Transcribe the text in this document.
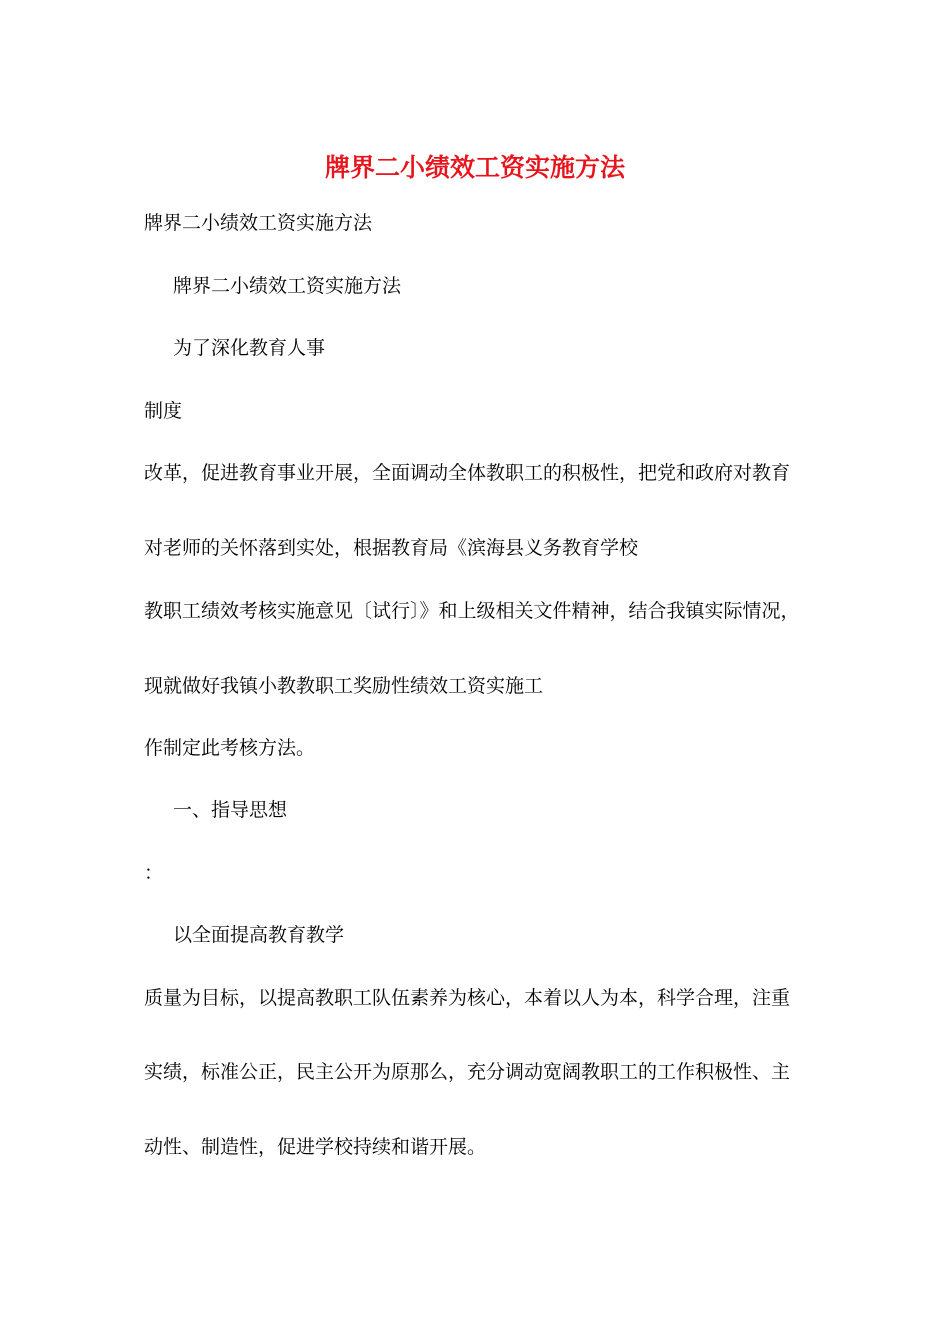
牌界二小绩效工资实施方法
牌界二小绩效工资实施方法
牌界二小绩效工资实施方法
为了深化教育人事
制度
改革，促进教育事业开展，全面调动全体教职工的积极性，把党和政府对教育
对老师的关怀落到实处，根据教育局《滨海县义务教育学校
教职工绩效考核实施意见〔试行〕》和上级相关文件精神，结合我镇实际情况，
现就做好我镇小教教职工奖励性绩效工资实施工
作制定此考核方法。
一、指导思想
：
以全面提高教育教学
质量为目标，以提高教职工队伍素养为核心，本着以人为本，科学合理，注重
实绩，标准公正，民主公开为原那么，充分调动宽阔教职工的工作积极性、主
动性、制造性，促进学校持续和谐开展。
